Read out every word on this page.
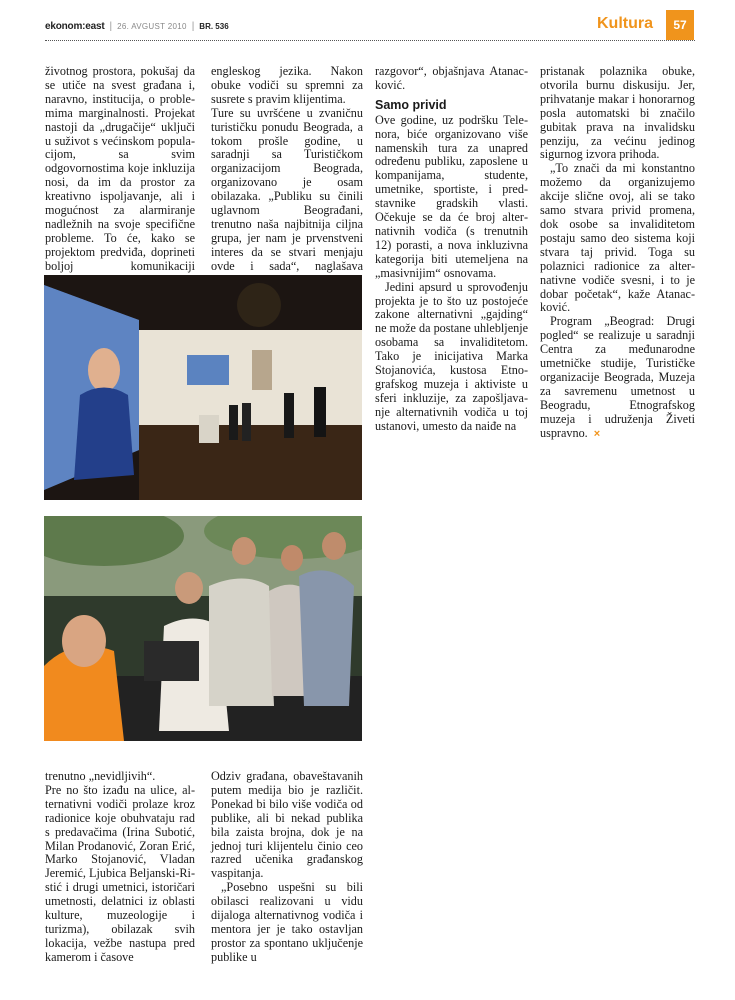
ekonom:east | 26. AVGUST 2010 | BR. 536	Kultura	57

životnog prostora, pokušaj da se utiče na svest građana i, naravno, institucija, o problemima marginalnosti. Projekat nastoji da „drugačije“ uključi u suživot s većinskom populacijom, sa svim odgovornostima koje inkluzija nosi, da im da prostor za kreativno ispoljavanje, ali i mogućnost za alarmiranje nadležnih na svoje specifične probleme. To će, kako se projektom predviđa, doprineti boljoj komunikaciji

engleskog jezika. Nakon obuke vodiči su spremni za susrete s pravim klijentima.

Ture su uvršćene u zvaničnu turističku ponudu Beograda, a tokom prošle godine, u saradnji sa Turističkom organizacijom Beograda, organizovano je osam obilazaka. „Publiku su činili uglavnom Beograđani, trenutno naša najbitnija ciljna grupa, jer nam je prvenstveni interes da se stvari menjaju ovde i sada“, naglašava

razgovor“, objašnjava Atanacković.

Samo privid

Ove godine, uz podršku Telenora, biće organizovano više namenskih tura za unapred određenu publiku, zaposlene u kompanijama, studente, umetnike, sportiste, i predstavnike gradskih vlasti. Očekuje se da će broj alternativnih vodiča (s trenutnih 12) porasti, a nova inkluzivna kategorija biti utemeljena na „masivnijim“ osnovama.

Jedini apsurd u sprovođenju projekta je to što uz postojeće zakone alternativni „gajding“ ne može da postane uhlebljenje osobama sa invaliditetom. Tako je inicijativa Marka Stojanovića, kustosa Etnografskog muzeja i aktiviste u sferi inkluzije, za zapošljavanje alternativnih vodiča u toj ustanovi, umesto da naiđe na

pristanak polaznika obuke, otvorila burnu diskusiju. Jer, prihvatanje makar i honorarnog posla automatski bi značilo gubitak prava na invalidsku penziju, za većinu jedinog sigurnog izvora prihoda.

„To znači da mi konstantno možemo da organizujemo akcije slične ovoj, ali se tako samo stvara privid promena, dok osobe sa invaliditetom postaju samo deo sistema koji stvara taj privid. Toga su polaznici radionice za alternativne vodiče svesni, i to je dobar početak“, kaže Atanacković.

Program „Beograd: Drugi pogled“ se realizuje u saradnji Centra za međunarodne umetničke studije, Turističke organizacije Beograda, Muzeja za savremenu umetnost u Beogradu, Etnografskog muzeja i udruženja Živeti uspravno. ×

trenutno „nevidljivih“.

Pre no što izađu na ulice, alternativni vodiči prolaze kroz radionice koje obuhvataju rad s predavačima (Irina Subotić, Milan Prodanović, Zoran Erić, Marko Stojanović, Vladan Jeremić, Ljubica Beljanski-Ristić i drugi umetnici, istoričari umetnosti, delatnici iz oblasti kulture, muzeologije i turizma), obilazak svih lokacija, vežbe nastupa pred kamerom i časove

Odziv građana, obaveštavanih putem medija bio je različit. Ponekad bi bilo više vodiča od publike, ali bi nekad publika bila zaista brojna, dok je na jednoj turi klijentelu činio ceo razred učenika građanskog vaspitanja.

„Posebno uspešni su bili obilasci realizovani u vidu dijaloga alternativnog vodiča i mentora jer je tako ostavljan prostor za spontano uključenje publike u
